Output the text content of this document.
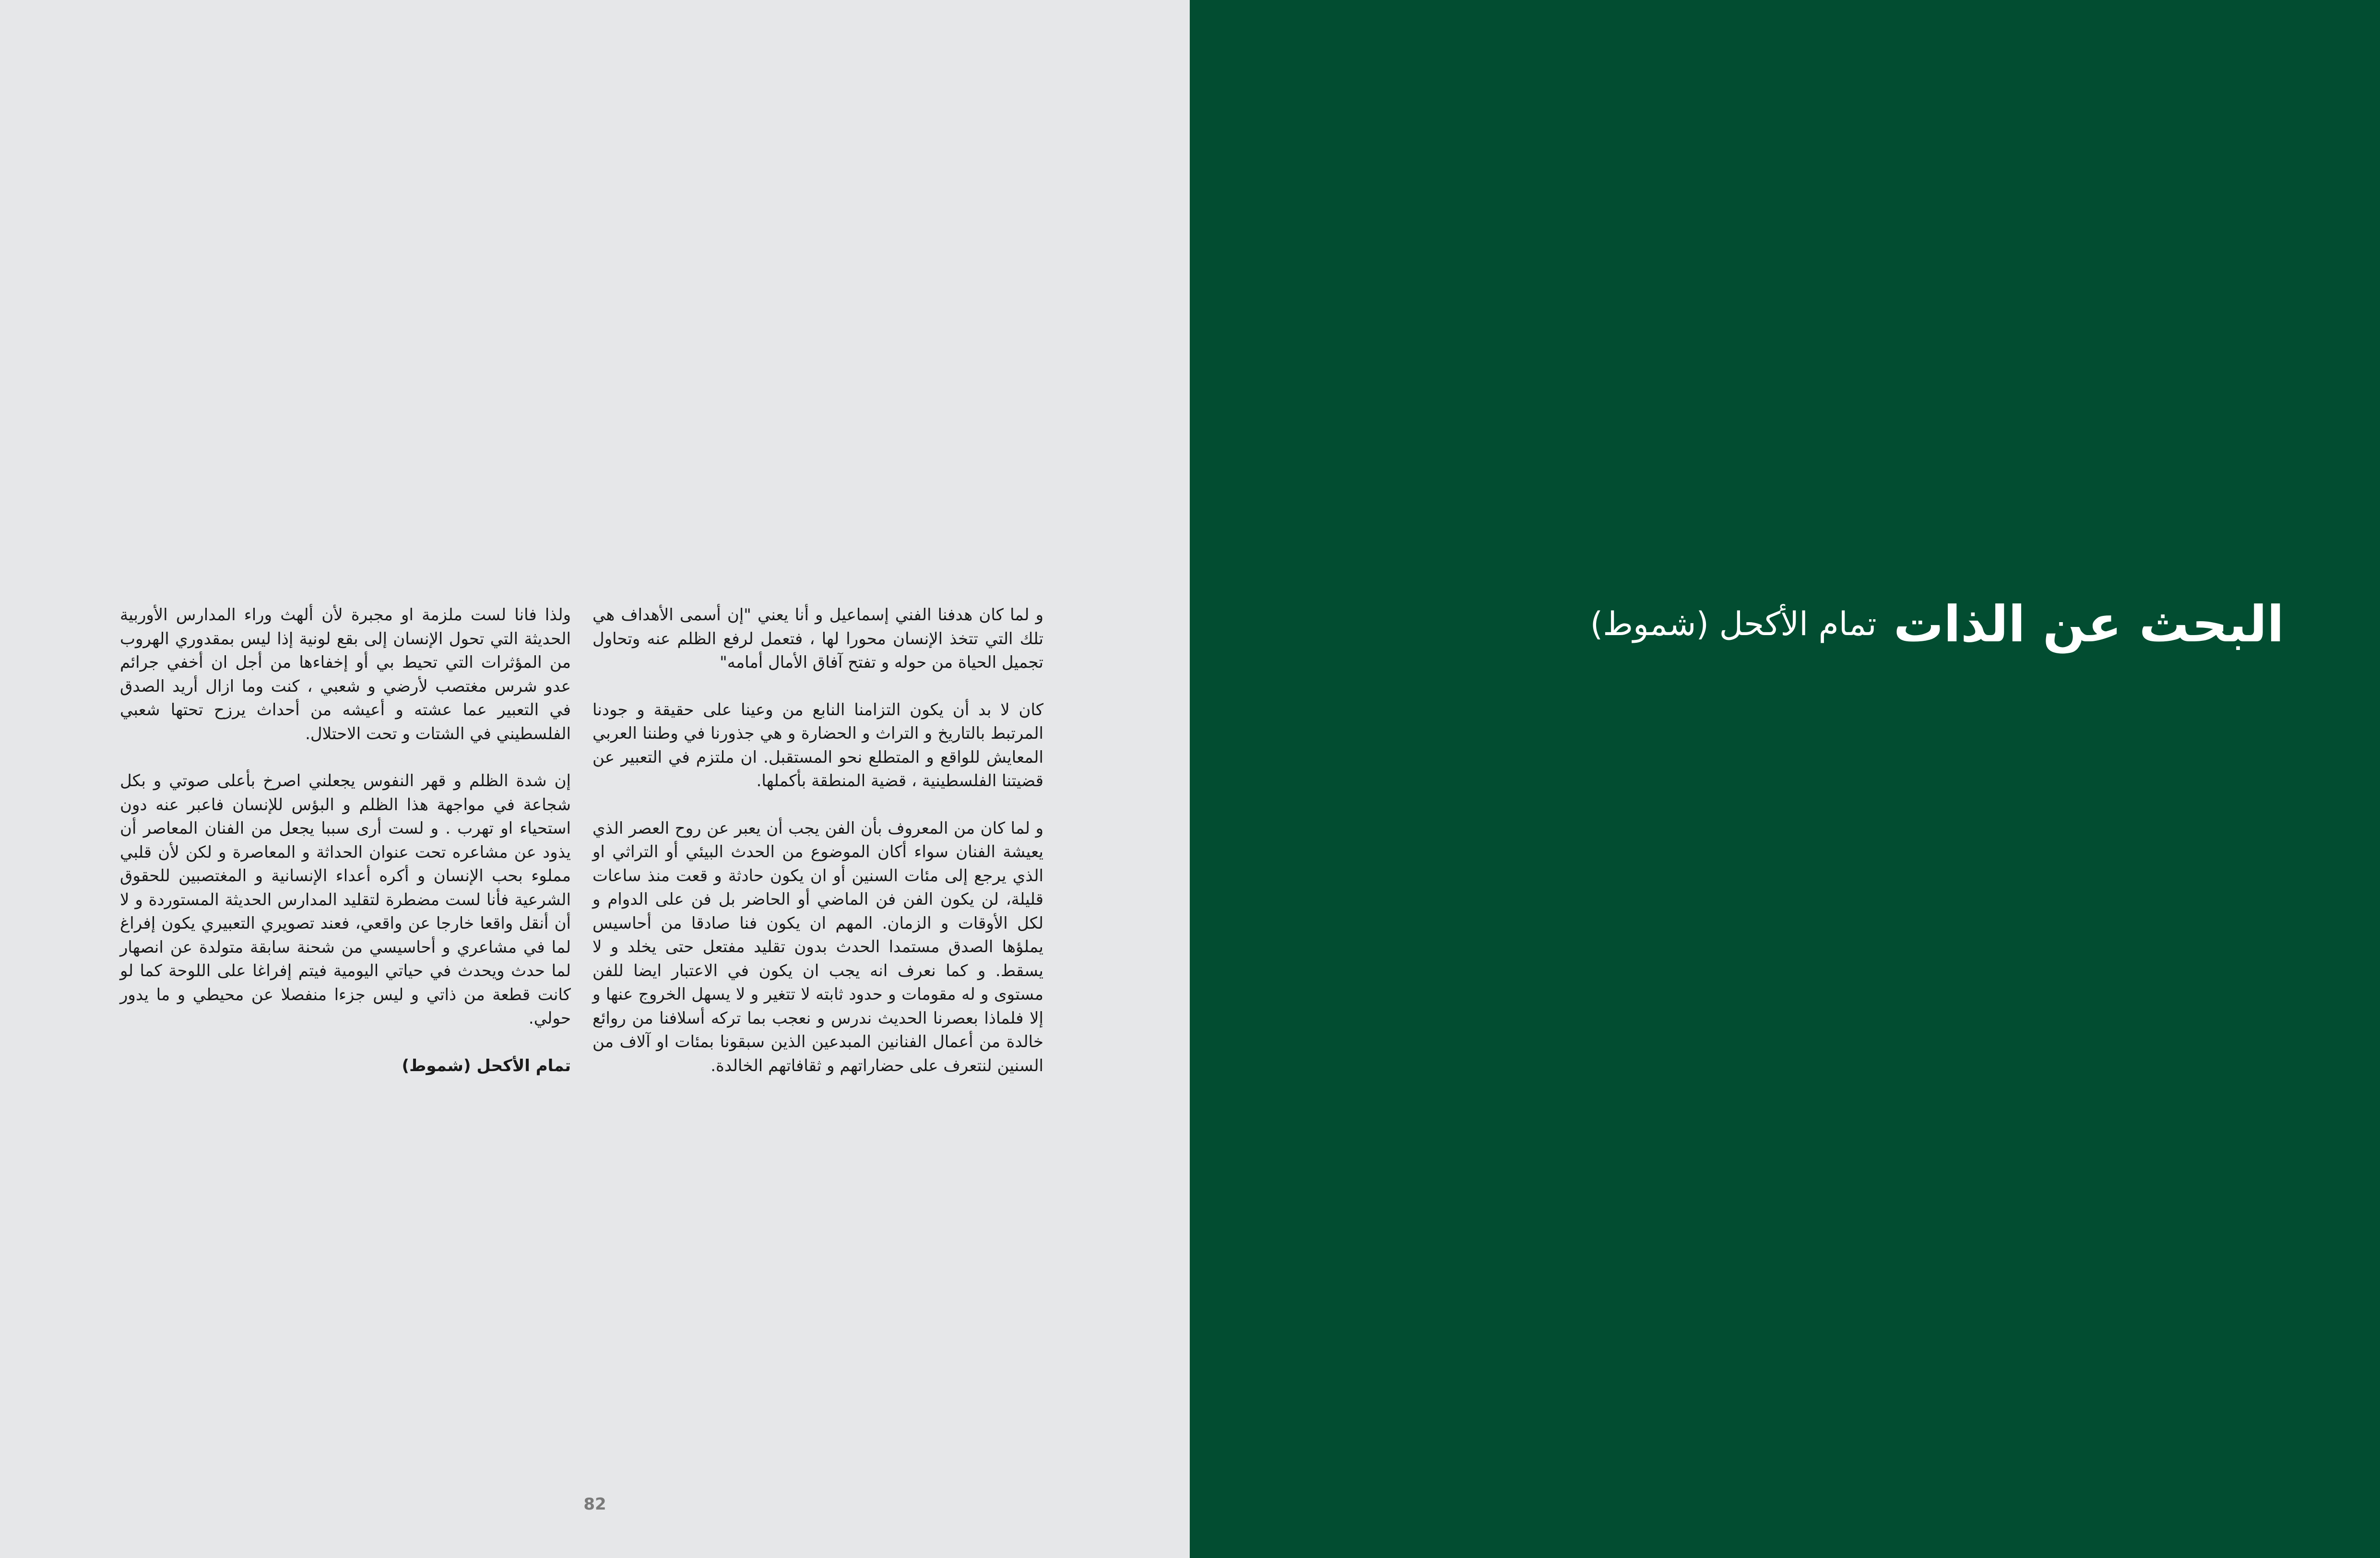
و لما كان هدفنا الفني إسماعيل و أنا يعني "إن أسمى الأهداف هي تلك التي تتخذ الإنسان محورا لها ، فتعمل لرفع الظلم عنه وتحاول تجميل الحياة من حوله و تفتح آفاق الأمال أمامه"

كان لا بد أن يكون التزامنا النابع من وعينا على حقيقة و جودنا المرتبط بالتاريخ و التراث و الحضارة و هي جذورنا في وطننا العربي المعايش للواقع و المتطلع نحو المستقبل. ان ملتزم في التعبير عن قضيتنا الفلسطينية ، قضية المنطقة بأكملها.

و لما كان من المعروف بأن الفن يجب أن يعبر عن روح العصر الذي يعيشة الفنان سواء أكان الموضوع من الحدث البيئي أو التراثي او الذي يرجع إلى مئات السنين أو ان يكون حادثة و قعت منذ ساعات قليلة، لن يكون الفن فن الماضي أو الحاضر بل فن على الدوام و لكل الأوقات و الزمان. المهم ان يكون فنا صادقا من أحاسيس يملؤها الصدق مستمدا الحدث بدون تقليد مفتعل حتى يخلد و لا يسقط. و كما نعرف انه يجب ان يكون في الاعتبار ايضا للفن مستوى و له مقومات و حدود ثابته لا تتغير و لا يسهل الخروج عنها و إلا فلماذا بعصرنا الحديث ندرس و نعجب بما تركه أسلافنا من روائع خالدة من أعمال الفنانين المبدعين الذين سبقونا بمئات او آلاف من السنين لنتعرف على حضاراتهم و ثقافاتهم الخالدة.

ولذا فانا لست ملزمة او مجبرة لأن ألهث وراء المدارس الأوربية الحديثة التي تحول الإنسان إلى بقع لونية إذا ليس بمقدوري الهروب من المؤثرات التي تحيط بي أو إخفاءها من أجل ان أخفي جرائم عدو شرس مغتصب لأرضي و شعبي ، كنت وما ازال أريد الصدق في التعبير عما عشته و أعيشه من أحداث يرزح تحتها شعبي الفلسطيني في الشتات و تحت الاحتلال.

إن شدة الظلم و قهر النفوس يجعلني اصرخ بأعلى صوتي و بكل شجاعة في مواجهة هذا الظلم و البؤس للإنسان فاعبر عنه دون استحياء او تهرب . و لست أرى سببا يجعل من الفنان المعاصر أن يذود عن مشاعره تحت عنوان الحداثة و المعاصرة و لكن لأن قلبي مملوء بحب الإنسان و أكره أعداء الإنسانية و المغتصبين للحقوق الشرعية فأنا لست مضطرة لتقليد المدارس الحديثة المستوردة و لا أن أنقل واقعا خارجا عن واقعي، فعند تصويري التعبيري يكون إفراغ لما في مشاعري و أحاسيسي من شحنة سابقة متولدة عن انصهار لما حدث ويحدث في حياتي اليومية فيتم إفراغا على اللوحة كما لو كانت قطعة من ذاتي و ليس جزءا منفصلا عن محيطي و ما يدور حولي.

تمام الأكحل (شموط)

82
البحث عن الذات تمام الأكحل (شموط)
